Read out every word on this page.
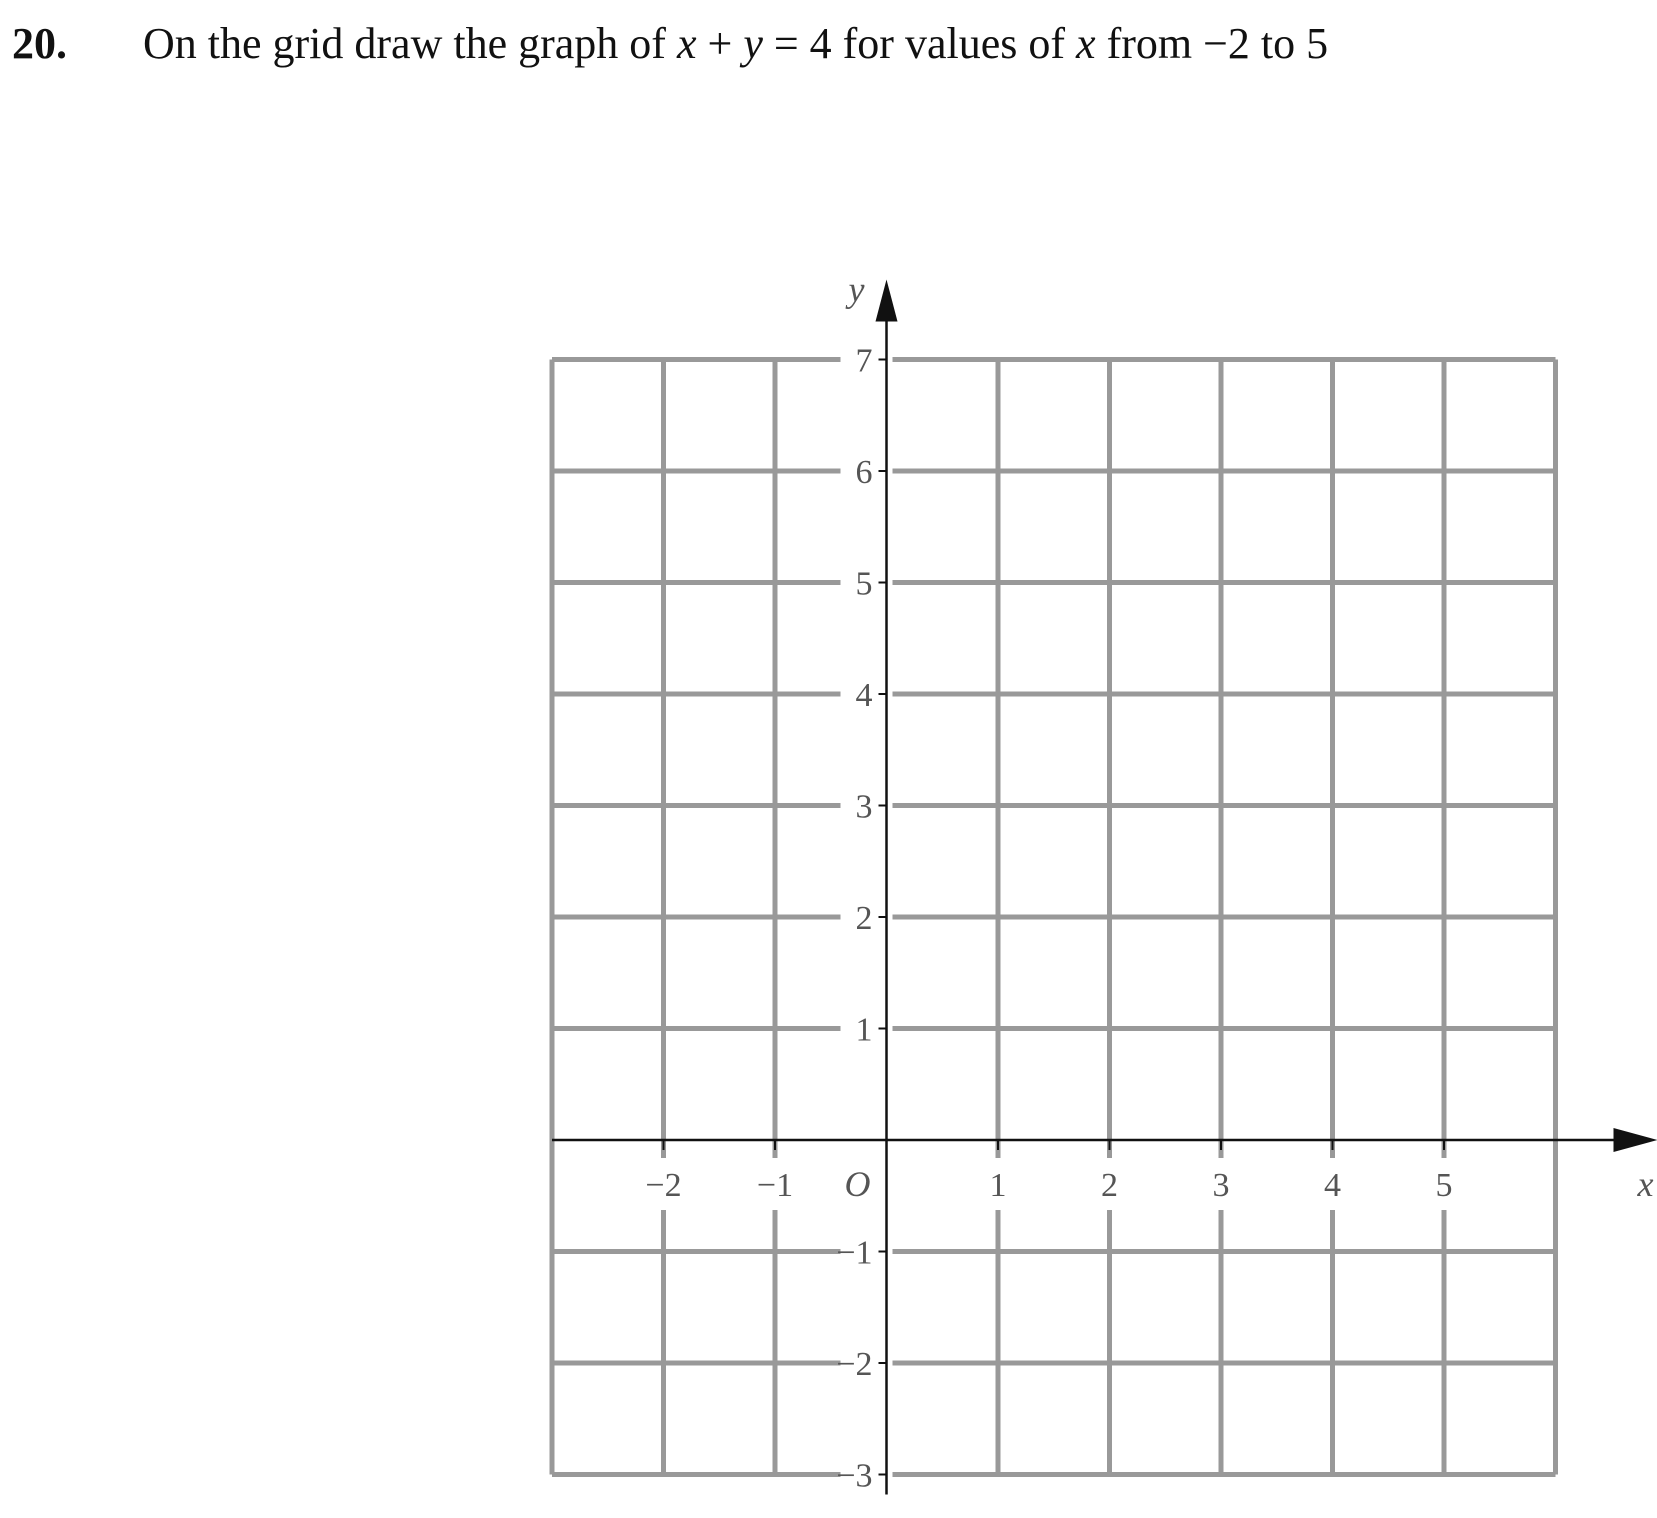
20. On the grid draw the graph of x + y = 4 for values of x from −2 to 5
−2 −1	1	2	3	4	5
−3
−2
−1
1
2
3
4
5
6
7
O	x
y
